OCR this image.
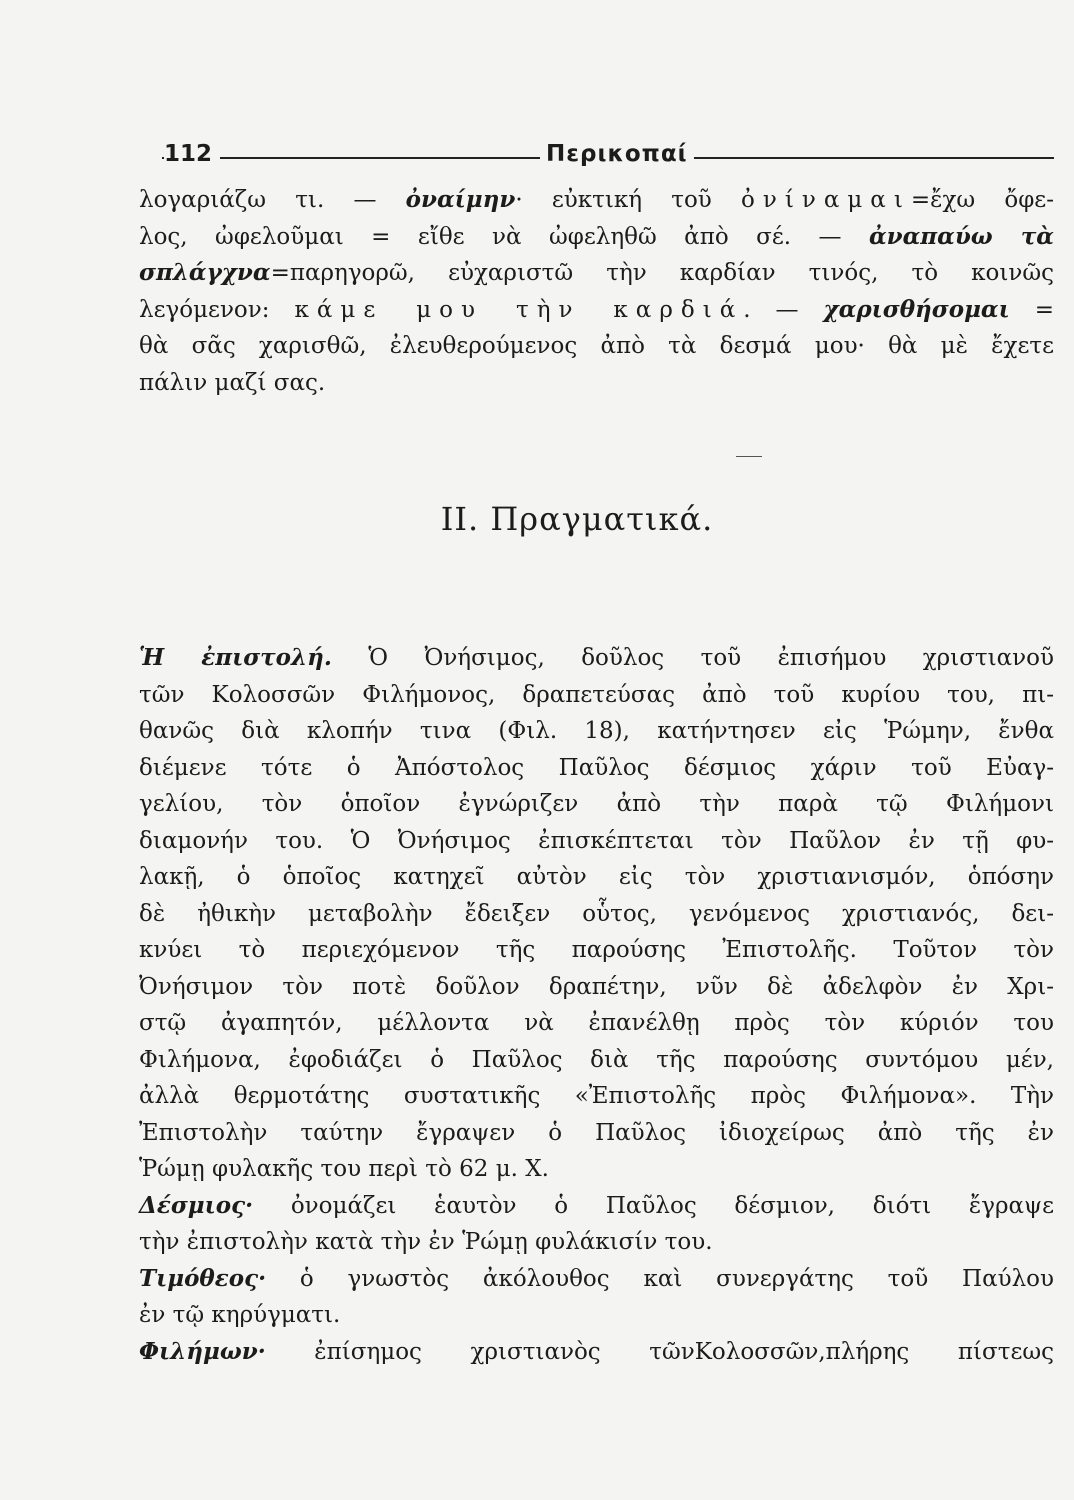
112	Περικοπαί
λογαριάζω τι. — ὀναίμην· εὐκτική τοῦ ὀνίναμαι=ἔχω ὄφε-
λος, ὠφελοῦμαι = εἴθε νὰ ὠφεληθῶ ἀπὸ σέ. — ἀναπαύω τὰ
σπλάγχνα=παρηγορῶ, εὐχαριστῶ τὴν καρδίαν τινός, τὸ κοινῶς
λεγόμενον: κάμε μου τὴν καρδιά. — χαρισθήσομαι =
θὰ σᾶς χαρισθῶ, ἐλευθερούμενος ἀπὸ τὰ δεσμά μου· θὰ μὲ ἔχετε
πάλιν μαζί σας.
II. Πραγματικά.
Ἡ ἐπιστολή. Ὁ Ὀνήσιμος, δοῦλος τοῦ ἐπισήμου χριστιανοῦ
τῶν Κολοσσῶν Φιλήμονος, δραπετεύσας ἀπὸ τοῦ κυρίου του, πι-
θανῶς διὰ κλοπήν τινα (Φιλ. 18), κατήντησεν εἰς Ῥώμην, ἔνθα
διέμενε τότε ὁ Ἀπόστολος Παῦλος δέσμιος χάριν τοῦ Εὐαγ-
γελίου, τὸν ὁποῖον ἐγνώριζεν ἀπὸ τὴν παρὰ τῷ Φιλήμονι
διαμονήν του. Ὁ Ὀνήσιμος ἐπισκέπτεται τὸν Παῦλον ἐν τῇ φυ-
λακῇ, ὁ ὁποῖος κατηχεῖ αὐτὸν εἰς τὸν χριστιανισμόν, ὁπόσην
δὲ ἠθικὴν μεταβολὴν ἔδειξεν οὗτος, γενόμενος χριστιανός, δει-
κνύει τὸ περιεχόμενον τῆς παρούσης Ἐπιστολῆς. Τοῦτον τὸν
Ὀνήσιμον τὸν ποτὲ δοῦλον δραπέτην, νῦν δὲ ἀδελφὸν ἐν Χρι-
στῷ ἀγαπητόν, μέλλοντα νὰ ἐπανέλθῃ πρὸς τὸν κύριόν του
Φιλήμονα, ἐφοδιάζει ὁ Παῦλος διὰ τῆς παρούσης συντόμου μέν,
ἀλλὰ θερμοτάτης συστατικῆς «Ἐπιστολῆς πρὸς Φιλήμονα». Τὴν
Ἐπιστολὴν ταύτην ἔγραψεν ὁ Παῦλος ἰδιοχείρως ἀπὸ τῆς ἐν
Ῥώμῃ φυλακῆς του περὶ τὸ 62 μ. Χ.
Δέσμιος· ὀνομάζει ἑαυτὸν ὁ Παῦλος δέσμιον, διότι ἔγραψε
τὴν ἐπιστολὴν κατὰ τὴν ἐν Ῥώμῃ φυλάκισίν του.
Τιμόθεος· ὁ γνωστὸς ἀκόλουθος καὶ συνεργάτης τοῦ Παύλου
ἐν τῷ κηρύγματι.
Φιλήμων· ἐπίσημος χριστιανὸς τῶνΚολοσσῶν,πλήρης πίστεως
